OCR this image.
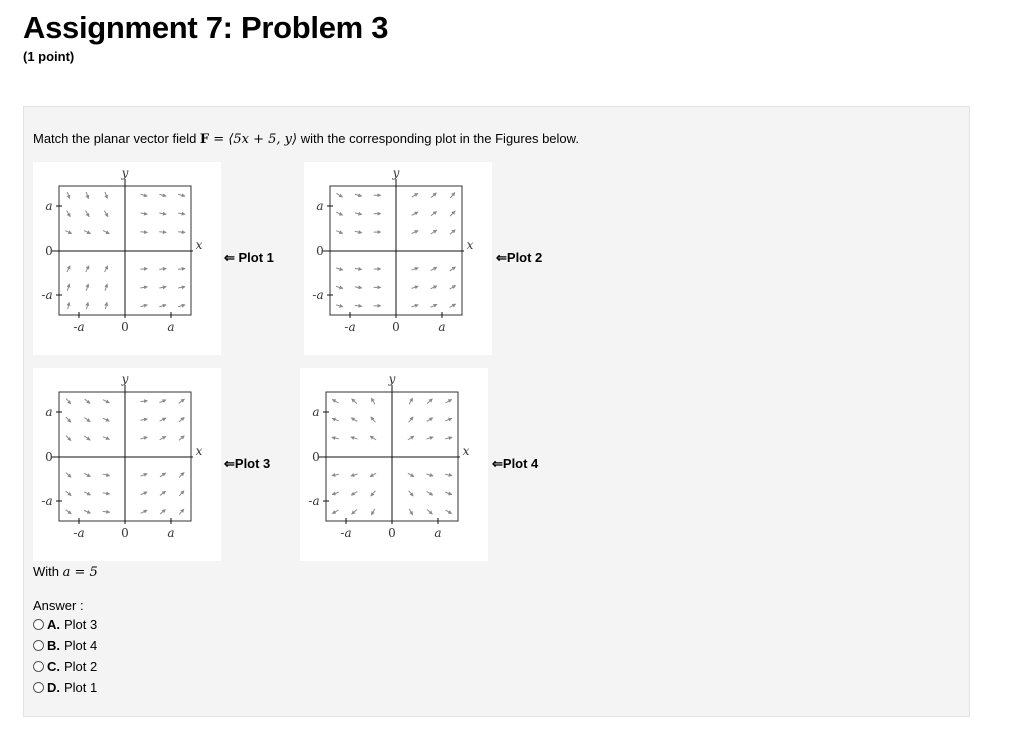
Assignment 7: Problem 3
(1 point)
Match the planar vector field F = ⟨5x + 5, y⟩ with the corresponding plot in the Figures below.
y
x
a
0
-a
-a	0	a
⇐ Plot 1
y
x
a
0
-a
-a	0	a
⇐Plot 2
y
x
a
0
-a
-a	0	a
⇐Plot 3
y
x
a
0
-a
-a	0	a
⇐Plot 4
With a = 5
Answer :
A. Plot 3
B. Plot 4
C. Plot 2
D. Plot 1
